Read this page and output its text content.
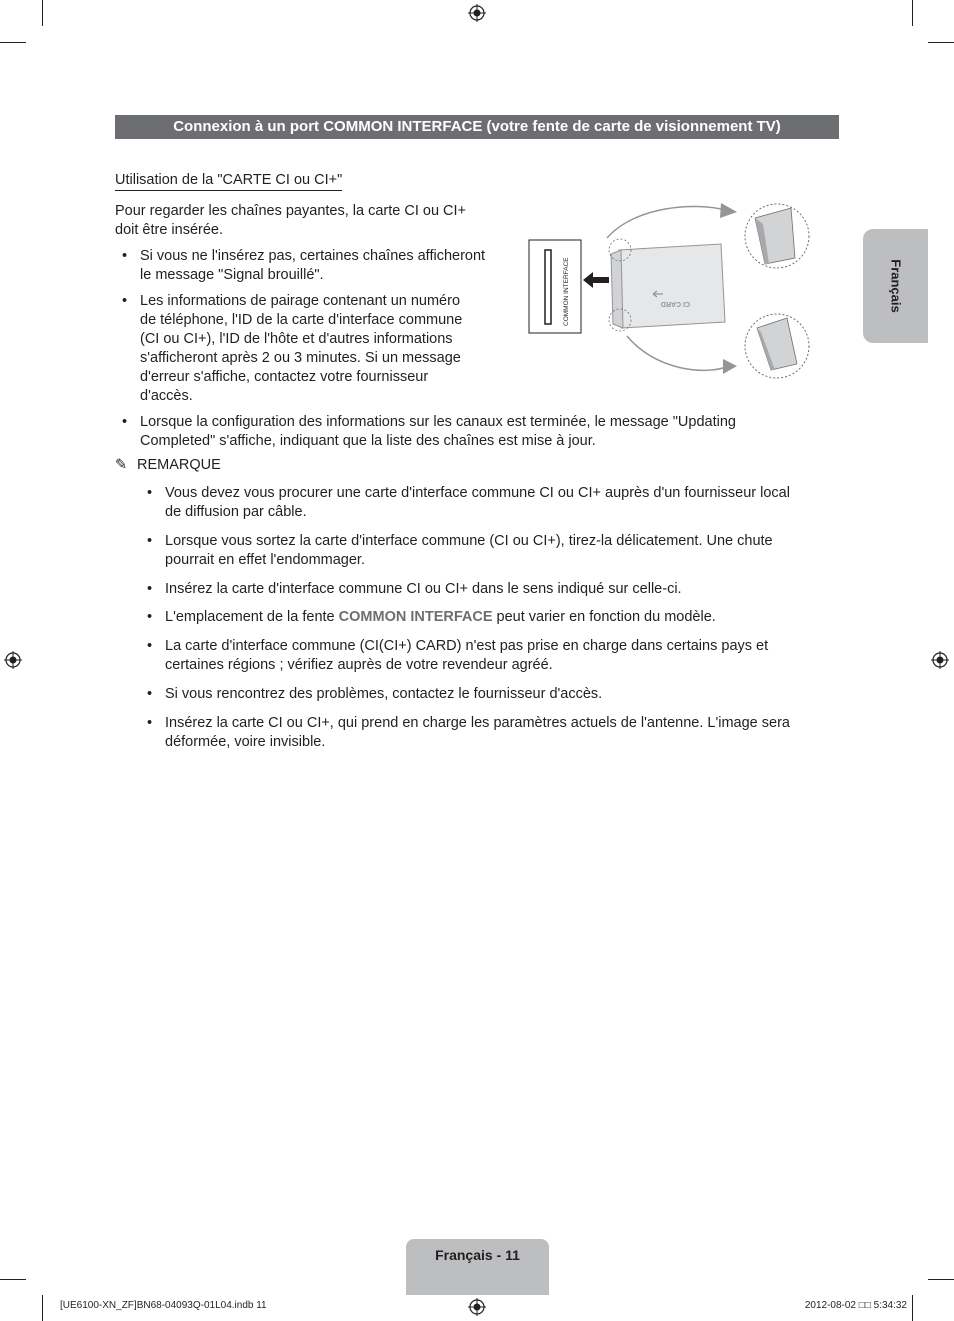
Connexion à un port COMMON INTERFACE (votre fente de carte de visionnement TV)
Utilisation de la "CARTE CI ou CI+"
Pour regarder les chaînes payantes, la carte CI ou CI+
doit être insérée.
• Si vous ne l'insérez pas, certaines chaînes afficheront
le message "Signal brouillé".
• Les informations de pairage contenant un numéro
de téléphone, l'ID de la carte d'interface commune
(CI ou CI+), l'ID de l'hôte et d'autres informations
s'afficheront après 2 ou 3 minutes. Si un message
d'erreur s'affiche, contactez votre fournisseur
d'accès.
• Lorsque la configuration des informations sur les canaux est terminée, le message "Updating
Completed" s'affiche, indiquant que la liste des chaînes est mise à jour.
COMMON INTERFACE	CI CARD
✎ REMARQUE
• Vous devez vous procurer une carte d'interface commune CI ou CI+ auprès d'un fournisseur local
de diffusion par câble.
• Lorsque vous sortez la carte d'interface commune (CI ou CI+), tirez-la délicatement. Une chute
pourrait en effet l'endommager.
• Insérez la carte d'interface commune CI ou CI+ dans le sens indiqué sur celle-ci.
• L'emplacement de la fente COMMON INTERFACE peut varier en fonction du modèle.
• La carte d'interface commune (CI(CI+) CARD) n'est pas prise en charge dans certains pays et
certaines régions ; vérifiez auprès de votre revendeur agréé.
• Si vous rencontrez des problèmes, contactez le fournisseur d'accès.
• Insérez la carte CI ou CI+, qui prend en charge les paramètres actuels de l'antenne. L'image sera
déformée, voire invisible.
Français
Français - 11
[UE6100-XN_ZF]BN68-04093Q-01L04.indb 11	2012-08-02 □□ 5:34:32
